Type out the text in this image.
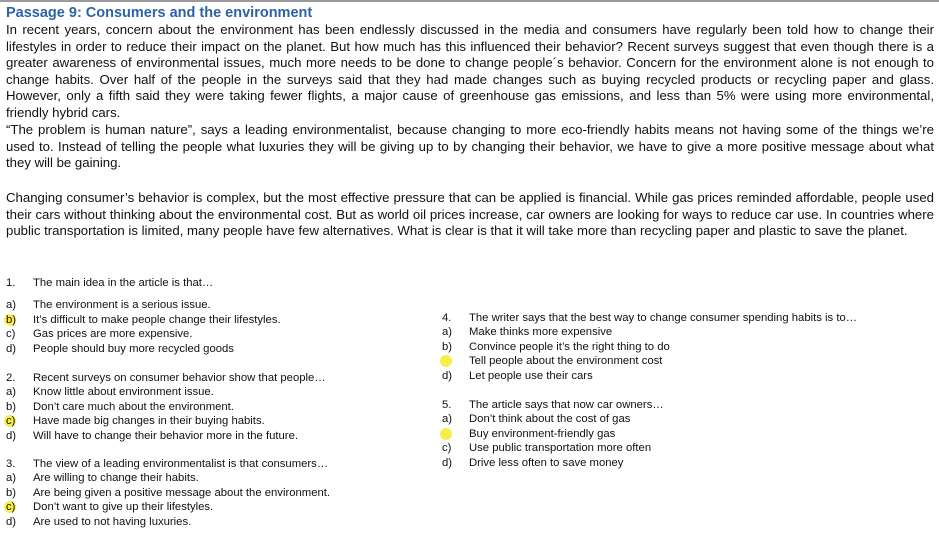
Passage 9: Consumers and the environment

In recent years, concern about the environment has been endlessly discussed in the media and consumers have regularly been told how to change their lifestyles in order to reduce their impact on the planet. But how much has this influenced their behavior? Recent surveys suggest that even though there is a greater awareness of environmental issues, much more needs to be done to change people´s behavior. Concern for the environment alone is not enough to change habits. Over half of the people in the surveys said that they had made changes such as buying recycled products or recycling paper and glass. However, only a fifth said they were taking fewer flights, a major cause of greenhouse gas emissions, and less than 5% were using more environmental, friendly hybrid cars.

“The problem is human nature”, says a leading environmentalist, because changing to more eco-friendly habits means not having some of the things we’re used to. Instead of telling the people what luxuries they will be giving up to by changing their behavior, we have to give a more positive message about what they will be gaining.

Changing consumer’s behavior is complex, but the most effective pressure that can be applied is financial. While gas prices reminded affordable, people used their cars without thinking about the environmental cost. But as world oil prices increase, car owners are looking for ways to reduce car use. In countries where public transportation is limited, many people have few alternatives. What is clear is that it will take more than recycling paper and plastic to save the planet.

1.	The main idea in the article is that…
a)	The environment is a serious issue.
b)	It’s difficult to make people change their lifestyles.
c)	Gas prices are more expensive.
d)	People should buy more recycled goods
2.	Recent surveys on consumer behavior show that people…
a)	Know little about environment issue.
b)	Don’t care much about the environment.
c)	Have made big changes in their buying habits.
d)	Will have to change their behavior more in the future.
3.	The view of a leading environmentalist is that consumers…
a)	Are willing to change their habits.
b)	Are being given a positive message about the environment.
c)	Don’t want to give up their lifestyles.
d)	Are used to not having luxuries.
4.	The writer says that the best way to change consumer spending habits is to…
a)	Make thinks more expensive
b)	Convince people it’s the right thing to do
Tell people about the environment cost
d)	Let people use their cars
5.	The article says that now car owners…
a)	Don’t think about the cost of gas
Buy environment-friendly gas
c)	Use public transportation more often
d)	Drive less often to save money
